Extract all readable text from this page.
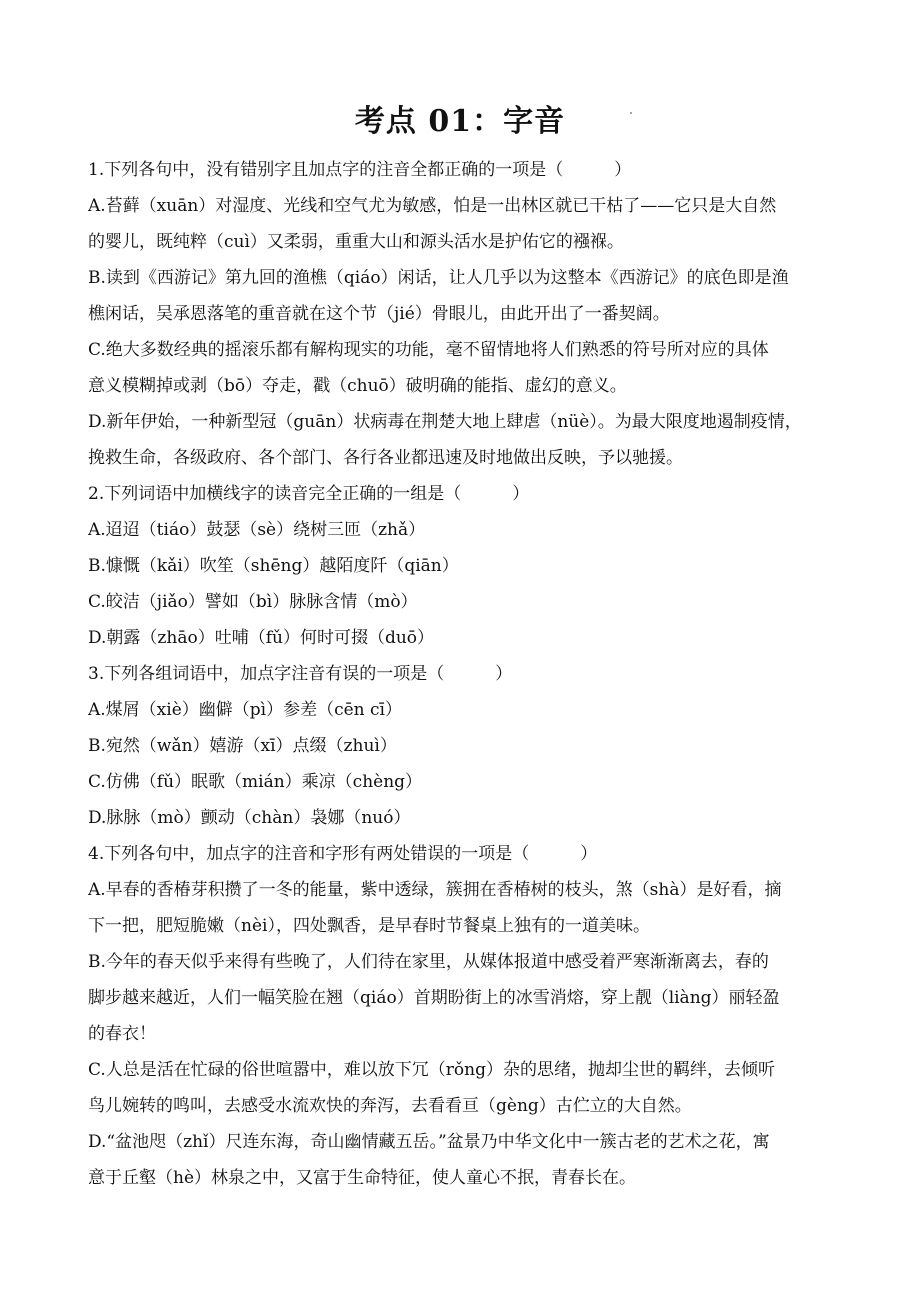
考点 01：字音
1.下列各句中，没有错别字且加点字的注音全都正确的一项是（　　　）
A.苔藓（xuān）对湿度、光线和空气尤为敏感，怕是一出林区就已干枯了——它只是大自然
的婴儿，既纯粹（cuì）又柔弱，重重大山和源头活水是护佑它的襁褓。
B.读到《西游记》第九回的渔樵（qiáo）闲话，让人几乎以为这整本《西游记》的底色即是渔
樵闲话，吴承恩落笔的重音就在这个节（jié）骨眼儿，由此开出了一番契阔。
C.绝大多数经典的摇滚乐都有解构现实的功能，毫不留情地将人们熟悉的符号所对应的具体
意义模糊掉或剥（bō）夺走，戳（chuō）破明确的能指、虚幻的意义。
D.新年伊始，一种新型冠（guān）状病毒在荆楚大地上肆虐（nüè）。为最大限度地遏制疫情，
挽救生命，各级政府、各个部门、各行各业都迅速及时地做出反映，予以驰援。
2.下列词语中加横线字的读音完全正确的一组是（　　　）
A.迢迢（tiáo）鼓瑟（sè）绕树三匝（zhǎ）
B.慷慨（kǎi）吹笙（shēng）越陌度阡（qiān）
C.皎洁（jiǎo）譬如（bì）脉脉含情（mò）
D.朝露（zhāo）吐哺（fǔ）何时可掇（duō）
3.下列各组词语中，加点字注音有误的一项是（　　　）
A.煤屑（xiè）幽僻（pì）参差（cēn cī）
B.宛然（wǎn）嬉游（xī）点缀（zhuì）
C.仿佛（fǔ）眠歌（mián）乘凉（chèng）
D.脉脉（mò）颤动（chàn）袅娜（nuó）
4.下列各句中，加点字的注音和字形有两处错误的一项是（　　　）
A.早春的香椿芽积攒了一冬的能量，紫中透绿，簇拥在香椿树的枝头，煞（shà）是好看，摘
下一把，肥短脆嫩（nèi），四处飘香，是早春时节餐桌上独有的一道美味。
B.今年的春天似乎来得有些晚了，人们待在家里，从媒体报道中感受着严寒渐渐离去，春的
脚步越来越近，人们一幅笑脸在翘（qiáo）首期盼街上的冰雪消熔，穿上靓（liàng）丽轻盈
的春衣！
C.人总是活在忙碌的俗世喧嚣中，难以放下冗（rǒng）杂的思绪，抛却尘世的羁绊，去倾听
鸟儿婉转的鸣叫，去感受水流欢快的奔泻，去看看亘（gèng）古伫立的大自然。
D.“盆池咫（zhǐ）尺连东海，奇山幽情藏五岳。”盆景乃中华文化中一簇古老的艺术之花，寓
意于丘壑（hè）林泉之中，又富于生命特征，使人童心不抿，青春长在。
